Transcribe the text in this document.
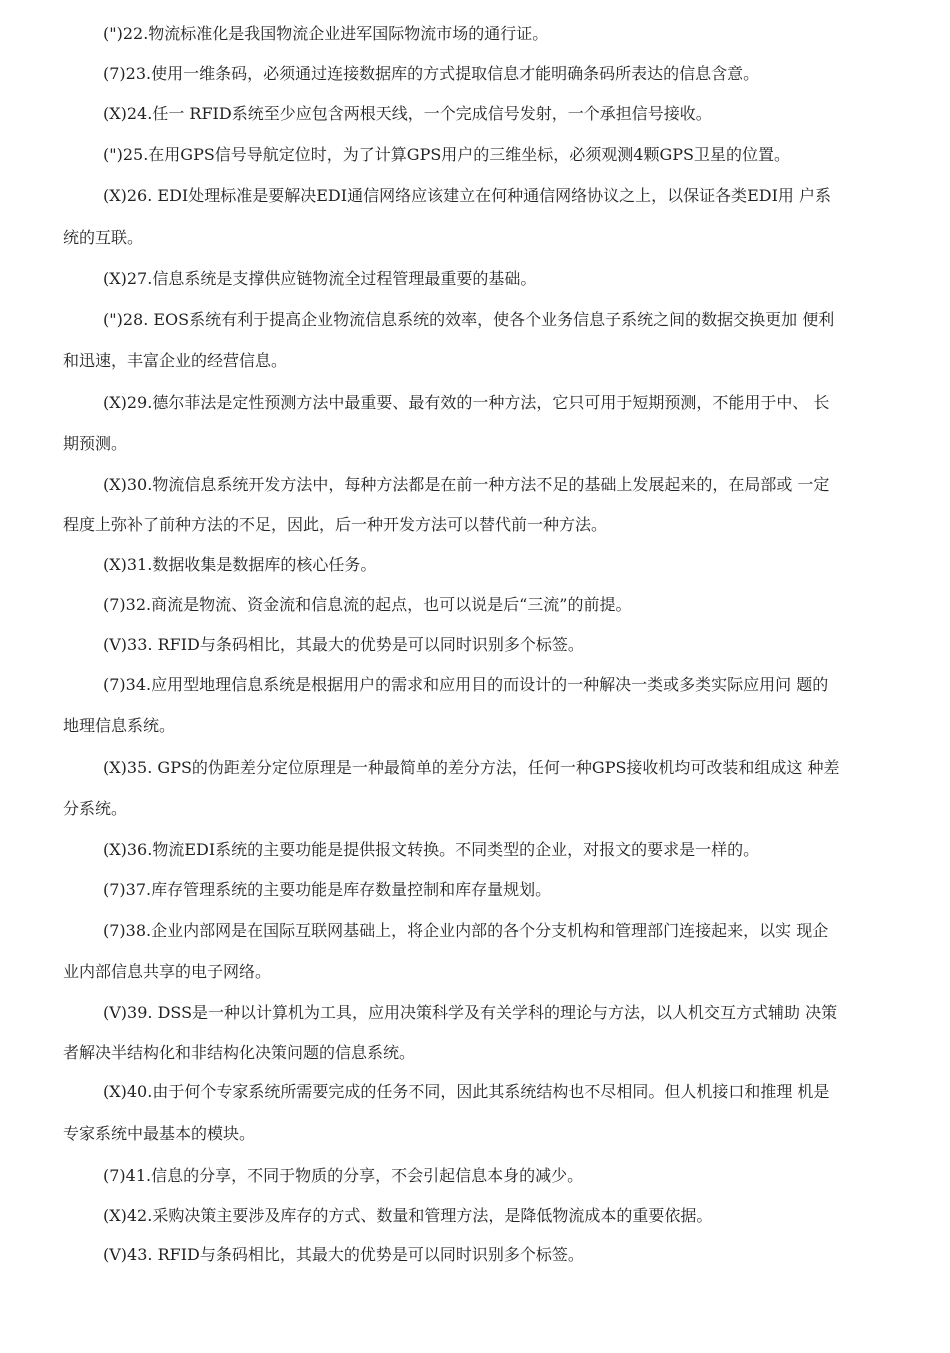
(")22.物流标准化是我国物流企业进军国际物流市场的通行证。
(7)23.使用一维条码，必须通过连接数据库的方式提取信息才能明确条码所表达的信息含意。
(X)24.任一 RFID系统至少应包含两根天线，一个完成信号发射，一个承担信号接收。
(")25.在用GPS信号导航定位时，为了计算GPS用户的三维坐标，必须观测4颗GPS卫星的位置。
(X)26. EDI处理标准是要解决EDI通信网络应该建立在何种通信网络协议之上，以保证各类EDI用 户系
统的互联。
(X)27.信息系统是支撑供应链物流全过程管理最重要的基础。
(")28. EOS系统有利于提高企业物流信息系统的效率，使各个业务信息子系统之间的数据交换更加 便利
和迅速，丰富企业的经营信息。
(X)29.德尔菲法是定性预测方法中最重要、最有效的一种方法，它只可用于短期预测，不能用于中、 长
期预测。
(X)30.物流信息系统开发方法中，每种方法都是在前一种方法不足的基础上发展起来的，在局部或 一定
程度上弥补了前种方法的不足，因此，后一种开发方法可以替代前一种方法。
(X)31.数据收集是数据库的核心任务。
(7)32.商流是物流、资金流和信息流的起点，也可以说是后“三流”的前提。
(V)33. RFID与条码相比，其最大的优势是可以同时识别多个标签。
(7)34.应用型地理信息系统是根据用户的需求和应用目的而设计的一种解决一类或多类实际应用问 题的
地理信息系统。
(X)35. GPS的伪距差分定位原理是一种最简单的差分方法，任何一种GPS接收机均可改装和组成这 种差
分系统。
(X)36.物流EDI系统的主要功能是提供报文转换。不同类型的企业，对报文的要求是一样的。
(7)37.库存管理系统的主要功能是库存数量控制和库存量规划。
(7)38.企业内部网是在国际互联网基础上，将企业内部的各个分支机构和管理部门连接起来，以实 现企
业内部信息共享的电子网络。
(V)39. DSS是一种以计算机为工具，应用决策科学及有关学科的理论与方法，以人机交互方式辅助 决策
者解决半结构化和非结构化决策问题的信息系统。
(X)40.由于何个专家系统所需要完成的任务不同，因此其系统结构也不尽相同。但人机接口和推理 机是
专家系统中最基本的模块。
(7)41.信息的分享，不同于物质的分享，不会引起信息本身的减少。
(X)42.采购决策主要涉及库存的方式、数量和管理方法，是降低物流成本的重要依据。
(V)43. RFID与条码相比，其最大的优势是可以同时识别多个标签。
